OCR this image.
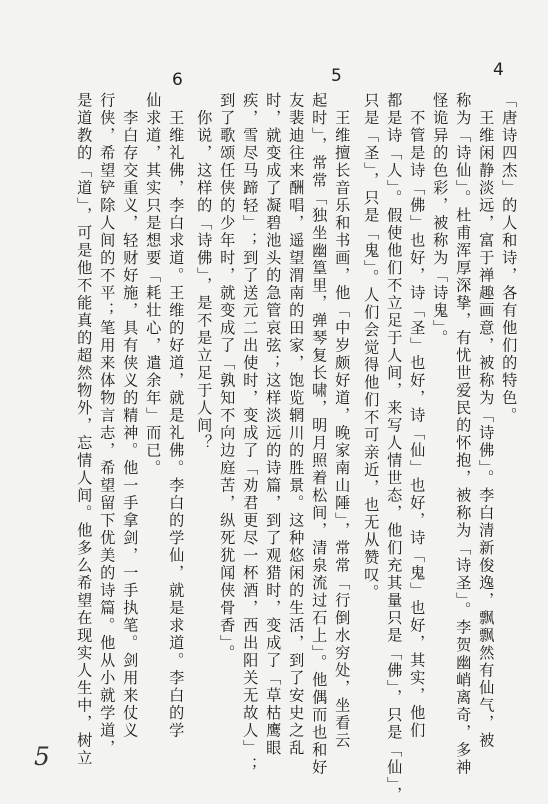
4
5
6

「唐诗四杰」的人和诗，各有他们的特色。

　王维闲静淡远，富于禅趣画意，被称为「诗佛」。李白清新俊逸，飘飘然有仙气，被

称为「诗仙」。杜甫浑厚深挚，有忧世爱民的怀抱，被称为「诗圣」。李贺幽峭离奇，多神

怪诡异的色彩，被称为「诗鬼」。

　不管是诗「佛」也好，诗「圣」也好，诗「仙」也好，诗「鬼」也好，其实，他们

都是诗「人」。假使他们不立足于人间，来写人情世态，他们充其量只是「佛」，只是「仙」，

只是「圣」，只是「鬼」。人们会觉得他们不可亲近，也无从赞叹。

　王维擅长音乐和书画，他「中岁颇好道，晚家南山陲」，常常「行倒水穷处，坐看云

起时」，常常「独坐幽篁里，弹琴复长啸，明月照着松间，清泉流过石上」。他偶而也和好

友裴迪往来酬唱，遥望渭南的田家，饱览辋川的胜景。这种悠闲的生活，到了安史之乱

时，就变成了凝碧池头的急管哀弦；这样淡远的诗篇，到了观猎时，变成了「草枯鹰眼

疾，雪尽马蹄轻」；到了送元二出使时，变成了「劝君更尽一杯酒，西出阳关无故人」；

到了歌颂任侠的少年时，就变成了「孰知不向边庭苦，纵死犹闻侠骨香」。

　你说，这样的「诗佛」，是不是立足于人间？

　王维礼佛，李白求道。王维的好道，就是礼佛。李白的学仙，就是求道。李白的学

仙求道，其实只是想要「耗壮心，遣余年」而已。

　李白存交重义，轻财好施，具有侠义的精神。他一手拿剑，一手执笔。剑用来仗义

行侠，希望铲除人间的不平；笔用来体物言志，希望留下优美的诗篇。他从小就学道，

是道教的「道」，可是他不能真的超然物外，忘情人间。他多么希望在现实人生中，树立

5
